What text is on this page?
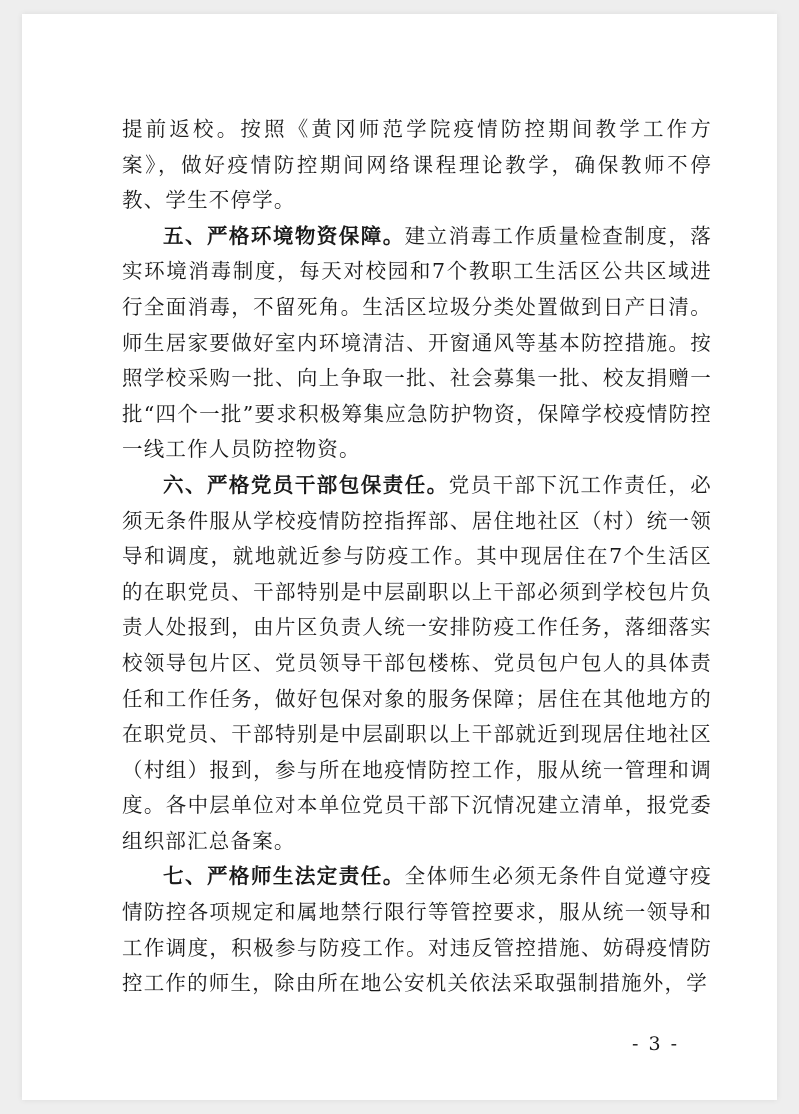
提前返校。按照《黄冈师范学院疫情防控期间教学工作方案》，做好疫情防控期间网络课程理论教学，确保教师不停教、学生不停学。

五、严格环境物资保障。建立消毒工作质量检查制度，落实环境消毒制度，每天对校园和7个教职工生活区公共区域进行全面消毒，不留死角。生活区垃圾分类处置做到日产日清。师生居家要做好室内环境清洁、开窗通风等基本防控措施。按照学校采购一批、向上争取一批、社会募集一批、校友捐赠一批“四个一批”要求积极筹集应急防护物资，保障学校疫情防控一线工作人员防控物资。

六、严格党员干部包保责任。党员干部下沉工作责任，必须无条件服从学校疫情防控指挥部、居住地社区（村）统一领导和调度，就地就近参与防疫工作。其中现居住在7个生活区的在职党员、干部特别是中层副职以上干部必须到学校包片负责人处报到，由片区负责人统一安排防疫工作任务，落细落实校领导包片区、党员领导干部包楼栋、党员包户包人的具体责任和工作任务，做好包保对象的服务保障；居住在其他地方的在职党员、干部特别是中层副职以上干部就近到现居住地社区（村组）报到，参与所在地疫情防控工作，服从统一管理和调度。各中层单位对本单位党员干部下沉情况建立清单，报党委组织部汇总备案。

七、严格师生法定责任。全体师生必须无条件自觉遵守疫情防控各项规定和属地禁行限行等管控要求，服从统一领导和工作调度，积极参与防疫工作。对违反管控措施、妨碍疫情防控工作的师生，除由所在地公安机关依法采取强制措施外，学

- 3 -
